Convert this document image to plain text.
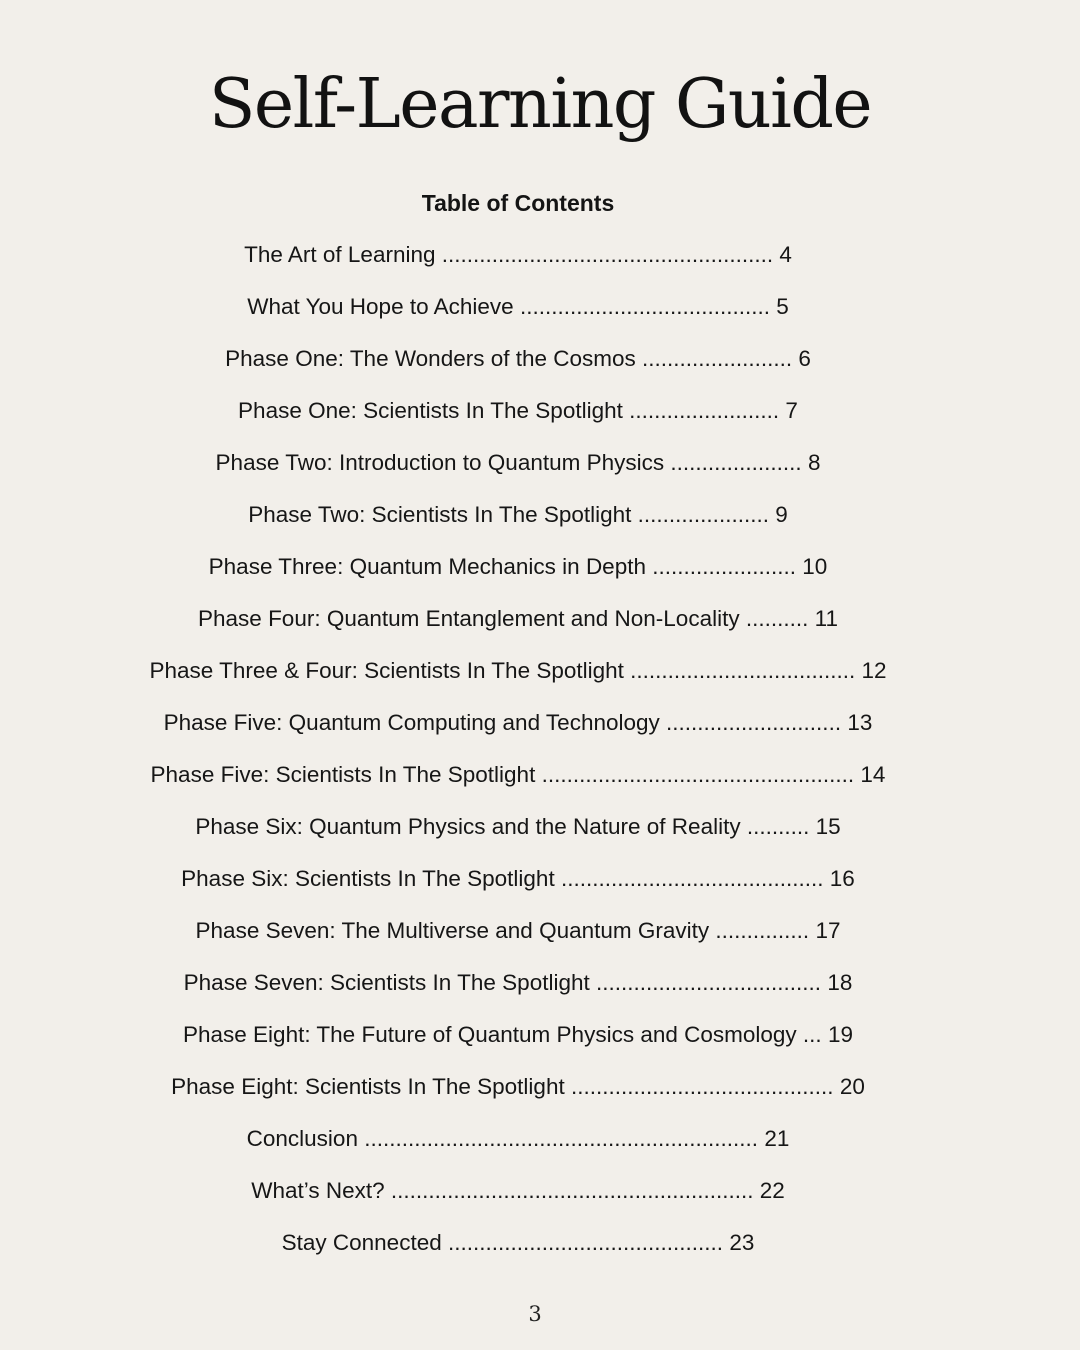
Self-Learning Guide
Table of Contents
The Art of Learning ..................................................... 4
What You Hope to Achieve ........................................ 5
Phase One: The Wonders of the Cosmos ........................ 6
Phase One: Scientists In The Spotlight ........................ 7
Phase Two: Introduction to Quantum Physics ..................... 8
Phase Two: Scientists In The Spotlight ..................... 9
Phase Three: Quantum Mechanics in Depth ....................... 10
Phase Four: Quantum Entanglement and Non-Locality .......... 11
Phase Three & Four: Scientists In The Spotlight .................................... 12
Phase Five: Quantum Computing and Technology ............................ 13
Phase Five: Scientists In The Spotlight .................................................. 14
Phase Six: Quantum Physics and the Nature of Reality .......... 15
Phase Six: Scientists In The Spotlight .......................................... 16
Phase Seven: The Multiverse and Quantum Gravity ............... 17
Phase Seven: Scientists In The Spotlight .................................... 18
Phase Eight: The Future of Quantum Physics and Cosmology ... 19
Phase Eight: Scientists In The Spotlight .......................................... 20
Conclusion ............................................................... 21
What’s Next? .......................................................... 22
Stay Connected ............................................ 23
3
